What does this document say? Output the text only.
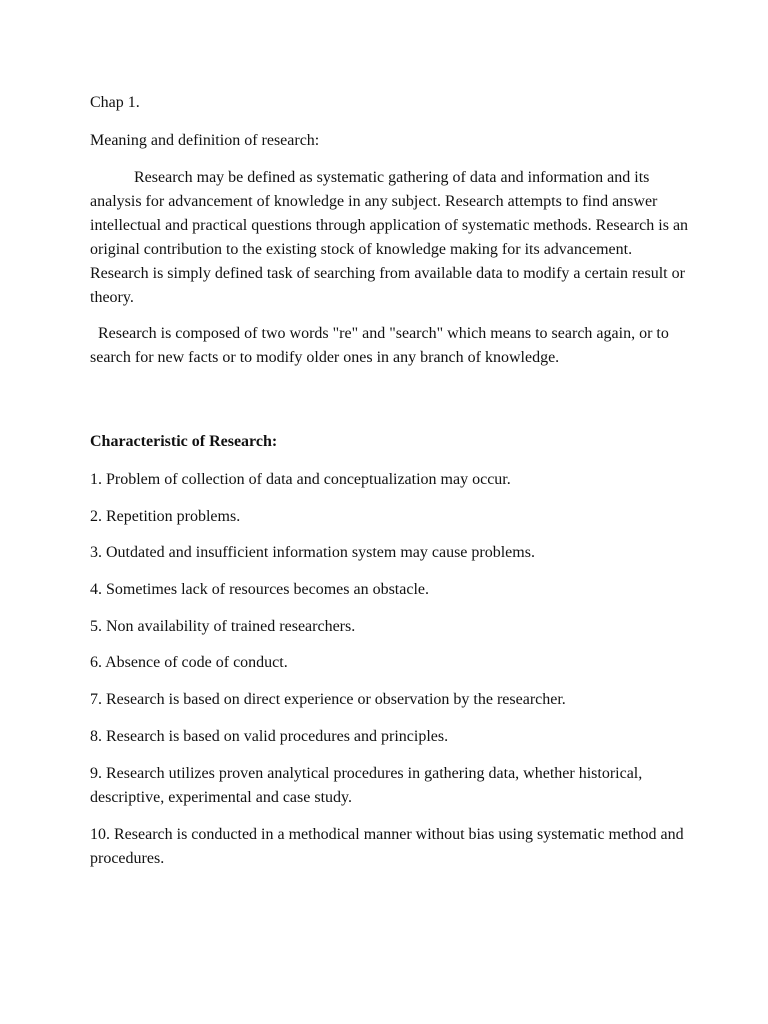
Chap 1.

Meaning and definition of research:

Research may be defined as systematic gathering of data and information and its analysis for advancement of knowledge in any subject. Research attempts to find answer intellectual and practical questions through application of systematic methods. Research is an original contribution to the existing stock of knowledge making for its advancement. Research is simply defined task of searching from available data to modify a certain result or theory.

Research is composed of two words "re" and "search" which means to search again, or to search for new facts or to modify older ones in any branch of knowledge.

Characteristic of Research:

1. Problem of collection of data and conceptualization may occur.

2. Repetition problems.

3. Outdated and insufficient information system may cause problems.

4. Sometimes lack of resources becomes an obstacle.

5. Non availability of trained researchers.

6. Absence of code of conduct.

7. Research is based on direct experience or observation by the researcher.

8. Research is based on valid procedures and principles.

9. Research utilizes proven analytical procedures in gathering data, whether historical, descriptive, experimental and case study.

10. Research is conducted in a methodical manner without bias using systematic method and procedures.
